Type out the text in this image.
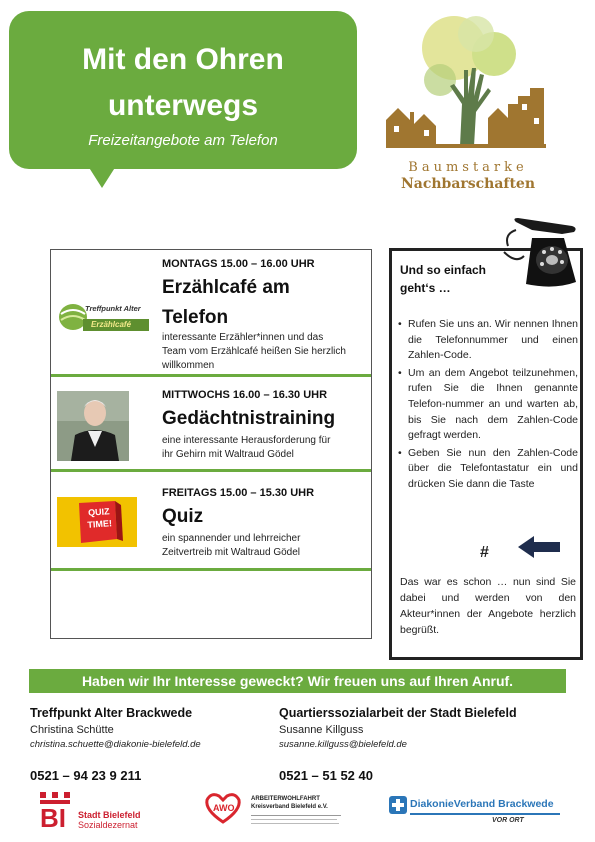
Mit den Ohren
unterwegs
Freizeitangebote am Telefon
Baumstarke
Nachbarschaften
MONTAGS 15.00 – 16.00 UHR
Erzählcafé am
Telefon
interessante Erzähler*innen und das
Team vom Erzählcafé heißen Sie herzlich
willkommen
Treffpunkt Alter
Erzählcafé
MITTWOCHS 16.00 – 16.30 UHR
Gedächtnistraining
eine interessante Herausforderung für
ihr Gehirn mit Waltraud Gödel
FREITAGS 15.00 – 15.30 UHR
Quiz
ein spannender und lehrreicher
Zeitvertreib mit Waltraud Gödel
QUIZ
TIME!
Und so einfach
geht‘s …
• Rufen Sie uns an. Wir nennen Ihnen die Telefonnummer und einen Zahlen-Code.
• Um an dem Angebot teilzunehmen, rufen Sie die Ihnen genannte Telefon-nummer an und warten ab, bis Sie nach dem Zahlen-Code gefragt werden.
• Geben Sie nun den Zahlen-Code über die Telefontastatur ein und drücken Sie dann die Taste
#
Das war es schon … nun sind Sie dabei und werden von den Akteur*innen der Angebote herzlich begrüßt.
Haben wir Ihr Interesse geweckt? Wir freuen uns auf Ihren Anruf.
Treffpunkt Alter Brackwede
Christina Schütte
christina.schuette@diakonie-bielefeld.de
0521 – 94 23 9 211
Quartierssozialarbeit der Stadt Bielefeld
Susanne Killguss
susanne.killguss@bielefeld.de
0521 – 51 52 40
BI Stadt Bielefeld
Sozialdezernat
AWO
ARBEITERWOHLFAHRT
Kreisverband Bielefeld e.V.	DiakonieVerband Brackwede
VOR ORT
